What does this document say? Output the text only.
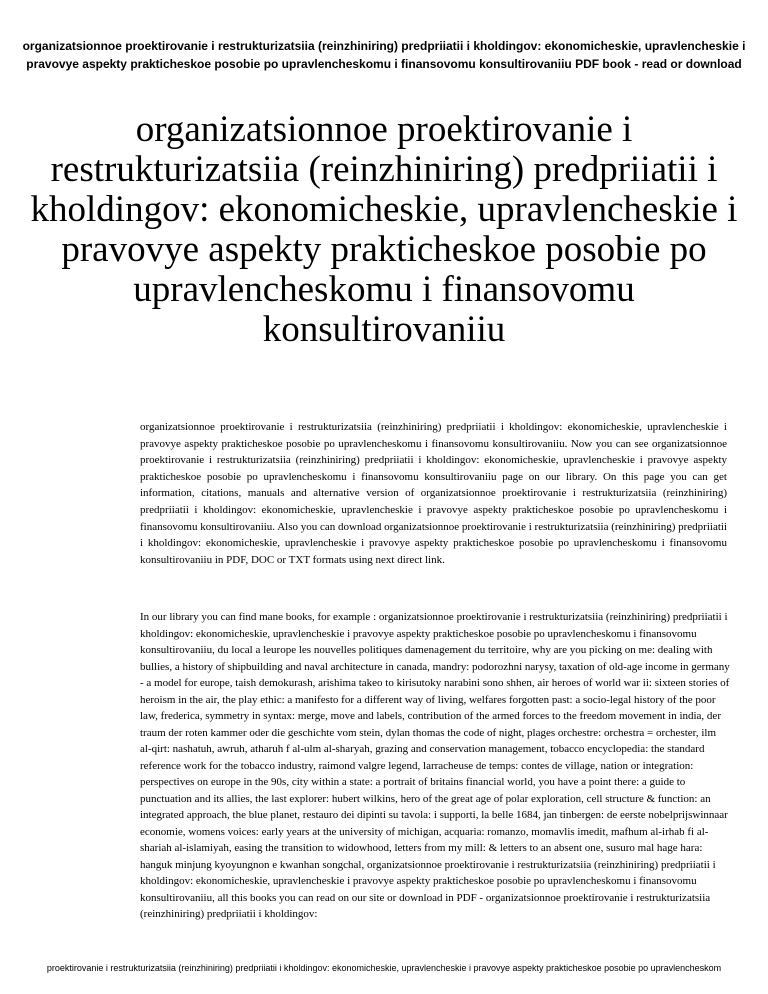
organizatsionnoe proektirovanie i restrukturizatsiia (reinzhiniring) predpriiatii i kholdingov: ekonomicheskie, upravlencheskie i pravovye aspekty prakticheskoe posobie po upravlencheskomu i finansovomu konsultirovaniiu PDF book - read or download
organizatsionnoe proektirovanie i restrukturizatsiia (reinzhiniring) predpriiatii i kholdingov: ekonomicheskie, upravlencheskie i pravovye aspekty prakticheskoe posobie po upravlencheskomu i finansovomu konsultirovaniiu

organizatsionnoe proektirovanie i restrukturizatsiia (reinzhiniring) predpriiatii i kholdingov: ekonomicheskie, upravlencheskie i pravovye aspekty prakticheskoe posobie po upravlencheskomu i finansovomu konsultirovaniiu. Now you can see organizatsionnoe proektirovanie i restrukturizatsiia (reinzhiniring) predpriiatii i kholdingov: ekonomicheskie, upravlencheskie i pravovye aspekty prakticheskoe posobie po upravlencheskomu i finansovomu konsultirovaniiu page on our library. On this page you can get information, citations, manuals and alternative version of organizatsionnoe proektirovanie i restrukturizatsiia (reinzhiniring) predpriiatii i kholdingov: ekonomicheskie, upravlencheskie i pravovye aspekty prakticheskoe posobie po upravlencheskomu i finansovomu konsultirovaniiu. Also you can download organizatsionnoe proektirovanie i restrukturizatsiia (reinzhiniring) predpriiatii i kholdingov: ekonomicheskie, upravlencheskie i pravovye aspekty prakticheskoe posobie po upravlencheskomu i finansovomu konsultirovaniiu in PDF, DOC or TXT formats using next direct link.

In our library you can find mane books, for example : organizatsionnoe proektirovanie i restrukturizatsiia (reinzhiniring) predpriiatii i kholdingov: ekonomicheskie, upravlencheskie i pravovye aspekty prakticheskoe posobie po upravlencheskomu i finansovomu konsultirovaniiu, du local a leurope les nouvelles politiques damenagement du territoire, why are you picking on me: dealing with bullies, a history of shipbuilding and naval architecture in canada, mandry: podorozhni narysy, taxation of old-age income in germany - a model for europe, taish demokurash, arishima takeo to kirisutoky narabini sono shhen, air heroes of world war ii: sixteen stories of heroism in the air, the play ethic: a manifesto for a different way of living, welfares forgotten past: a socio-legal history of the poor law, frederica, symmetry in syntax: merge, move and labels, contribution of the armed forces to the freedom movement in india, der traum der roten kammer oder die geschichte vom stein, dylan thomas the code of night, plages orchestre: orchestra = orchester, ilm al-qirt: nashatuh, awruh, atharuh f al-ulm al-sharyah, grazing and conservation management, tobacco encyclopedia: the standard reference work for the tobacco industry, raimond valgre legend, larracheuse de temps: contes de village, nation or integration: perspectives on europe in the 90s, city within a state: a portrait of britains financial world, you have a point there: a guide to punctuation and its allies, the last explorer: hubert wilkins, hero of the great age of polar exploration, cell structure & function: an integrated approach, the blue planet, restauro dei dipinti su tavola: i supporti, la belle 1684, jan tinbergen: de eerste nobelprijswinnaar economie, womens voices: early years at the university of michigan, acquaria: romanzo, momavlis imedit, mafhum al-irhab fi al-shariah al-islamiyah, easing the transition to widowhood, letters from my mill: & letters to an absent one, susuro mal hage hara: hanguk minjung kyoyungnon e kwanhan songchal, organizatsionnoe proektirovanie i restrukturizatsiia (reinzhiniring) predpriiatii i kholdingov: ekonomicheskie, upravlencheskie i pravovye aspekty prakticheskoe posobie po upravlencheskomu i finansovomu konsultirovaniiu, all this books you can read on our site or download in PDF - organizatsionnoe proektirovanie i restrukturizatsiia (reinzhiniring) predpriiatii i kholdingov:

proektirovanie i restrukturizatsiia (reinzhiniring) predpriiatii i kholdingov: ekonomicheskie, upravlencheskie i pravovye aspekty prakticheskoe posobie po upravlencheskom
